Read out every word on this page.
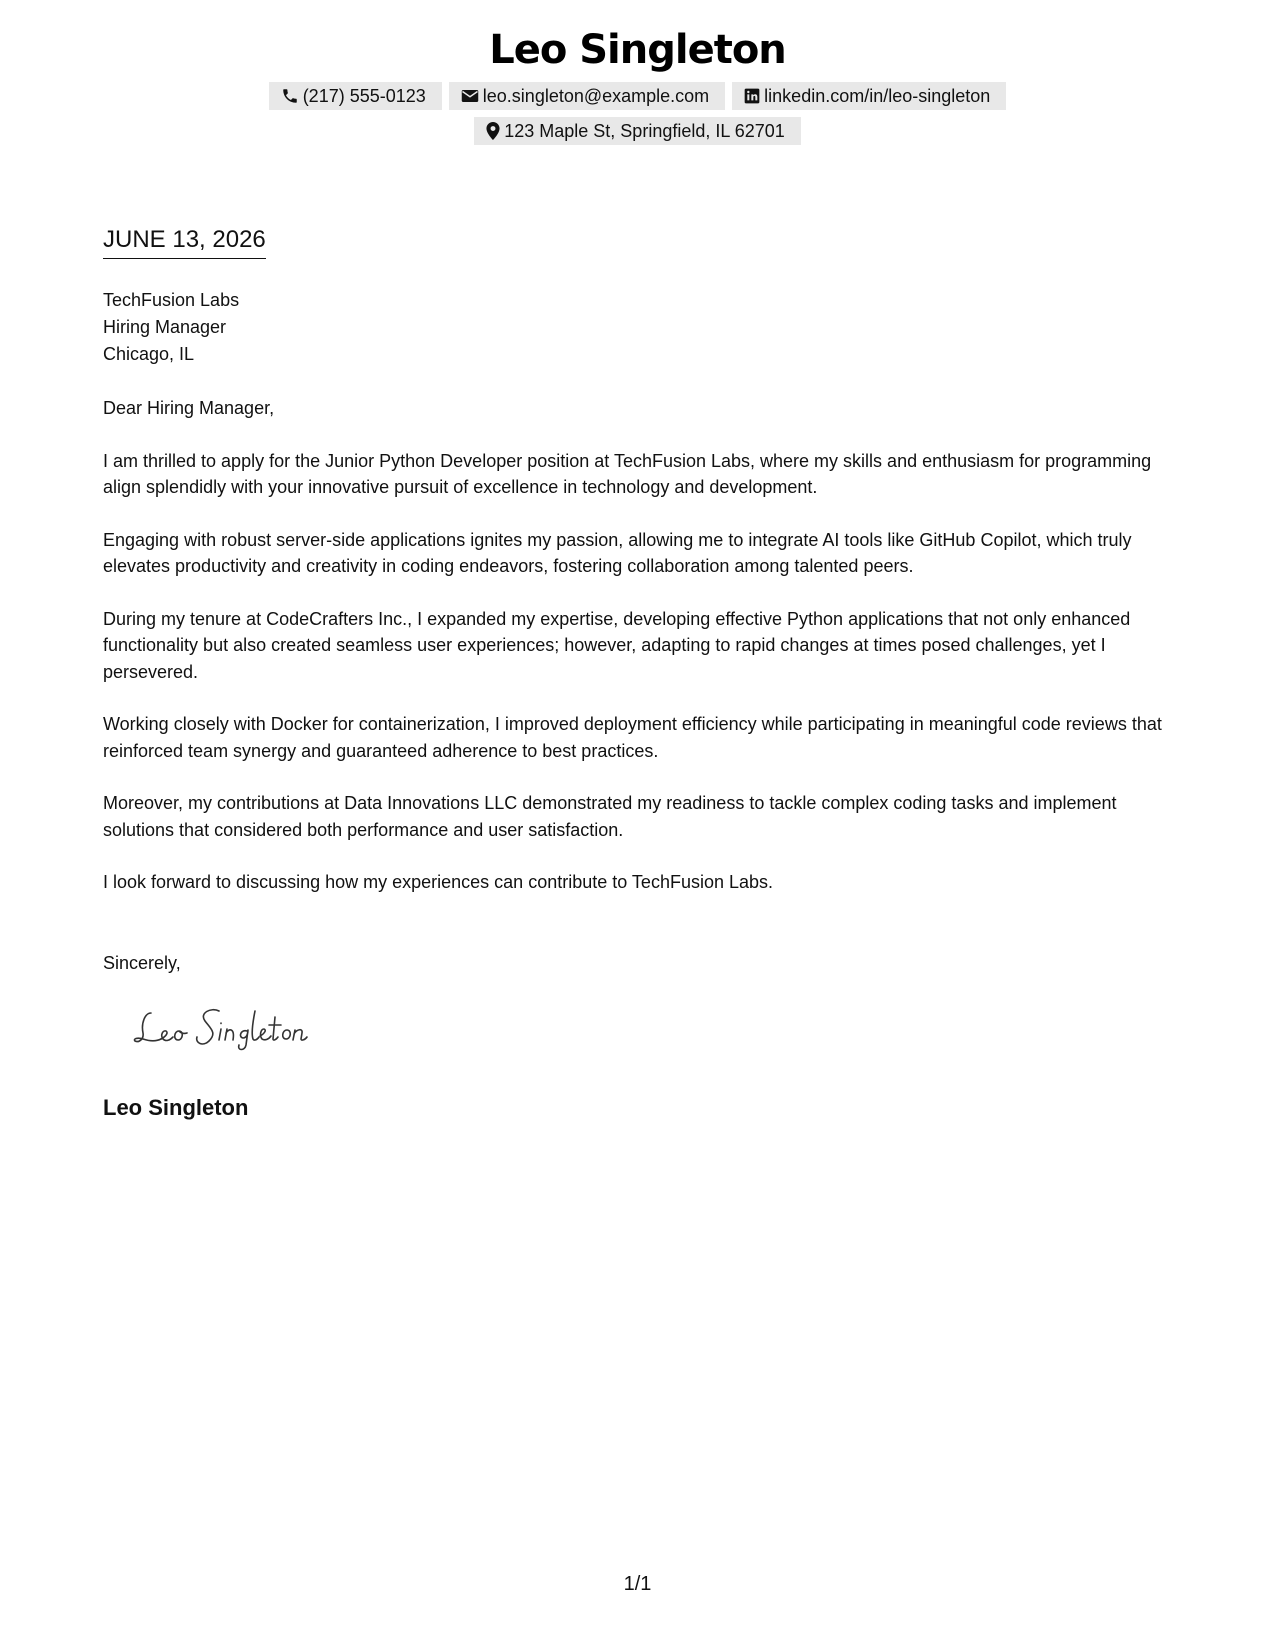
Leo Singleton
(217) 555-0123	leo.singleton@example.com	linkedin.com/in/leo-singleton
123 Maple St, Springfield, IL 62701
JUNE 13, 2026
TechFusion Labs
Hiring Manager
Chicago, IL

Dear Hiring Manager,

I am thrilled to apply for the Junior Python Developer position at TechFusion Labs, where my skills and enthusiasm for programming align splendidly with your innovative pursuit of excellence in technology and development.

Engaging with robust server-side applications ignites my passion, allowing me to integrate AI tools like GitHub Copilot, which truly elevates productivity and creativity in coding endeavors, fostering collaboration among talented peers.

During my tenure at CodeCrafters Inc., I expanded my expertise, developing effective Python applications that not only enhanced functionality but also created seamless user experiences; however, adapting to rapid changes at times posed challenges, yet I persevered.

Working closely with Docker for containerization, I improved deployment efficiency while participating in meaningful code reviews that reinforced team synergy and guaranteed adherence to best practices.

Moreover, my contributions at Data Innovations LLC demonstrated my readiness to tackle complex coding tasks and implement solutions that considered both performance and user satisfaction.

I look forward to discussing how my experiences can contribute to TechFusion Labs.

Sincerely,
Leo Singleton
1/1
